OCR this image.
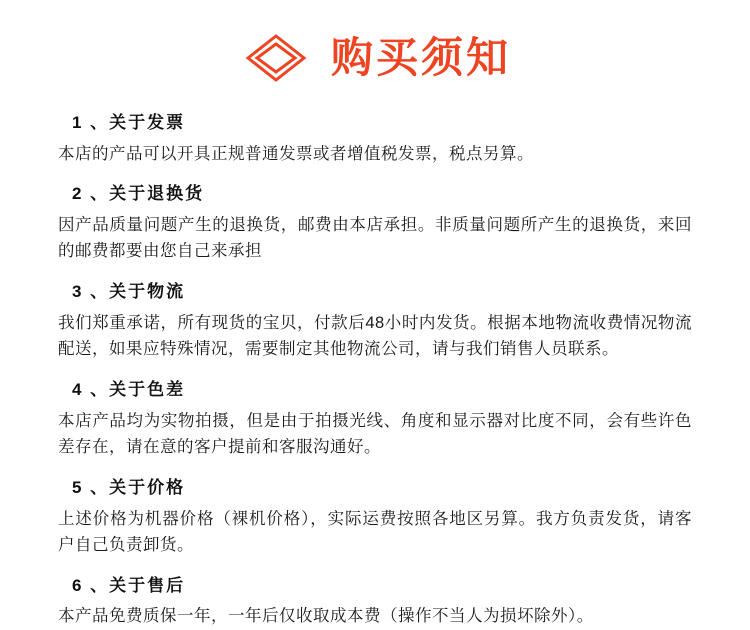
购买须知
1 、关于发票

本店的产品可以开具正规普通发票或者增值税发票，税点另算。

2 、关于退换货

因产品质量问题产生的退换货，邮费由本店承担。非质量问题所产生的退换货，来回的邮费都要由您自己来承担

3 、关于物流

我们郑重承诺，所有现货的宝贝，付款后48小时内发货。根据本地物流收费情况物流配送，如果应特殊情况，需要制定其他物流公司，请与我们销售人员联系。

4 、关于色差

本店产品均为实物拍摄，但是由于拍摄光线、角度和显示器对比度不同，会有些许色差存在，请在意的客户提前和客服沟通好。

5 、关于价格

上述价格为机器价格（裸机价格），实际运费按照各地区另算。我方负责发货，请客户自己负责卸货。

6 、关于售后

本产品免费质保一年，一年后仅收取成本费（操作不当人为损坏除外）。
